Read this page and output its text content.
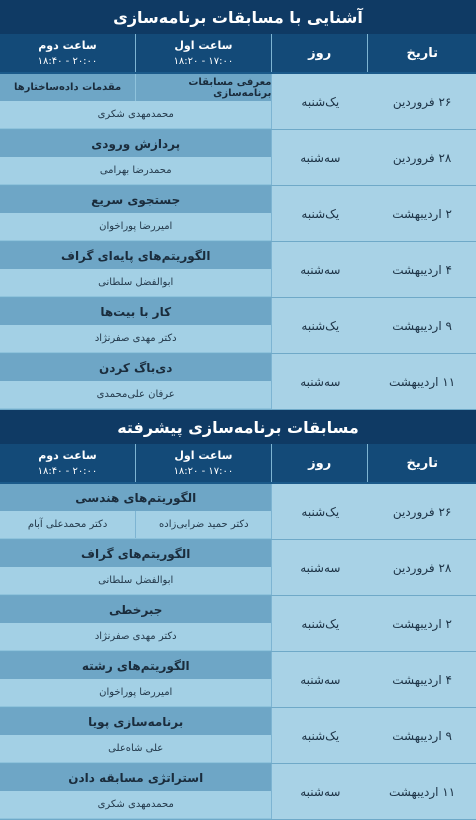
آشنایی با مسابقات برنامه‌سازی
ساعت دوم
۱۸:۴۰ - ۲۰:۰۰
ساعت اول
۱۸:۲۰ - ۱۷:۰۰
روز	تاریخ
معرفی مسابقات برنامه‌سازی
مقدمات داده‌ساختارها
محمدمهدی شکری
یک‌شنبه	۲۶ فروردین
پردازش ورودی
محمدرضا بهرامی
سه‌شنبه	۲۸ فروردین
جستجوی سریع
امیررضا پوراخوان
یک‌شنبه	۲ اردیبهشت
الگوریتم‌های پایه‌ای گراف
ابوالفضل سلطانی
سه‌شنبه	۴ اردیبهشت
کار با بیت‌ها
دکتر مهدی صفرنژاد
یک‌شنبه	۹ اردیبهشت
دی‌باگ کردن
عرفان علی‌محمدی
سه‌شنبه	۱۱ اردیبهشت
مسابقات برنامه‌سازی پیشرفته
ساعت دوم
۱۸:۴۰ - ۲۰:۰۰
ساعت اول
۱۸:۲۰ - ۱۷:۰۰
روز	تاریخ
الگوریتم‌های هندسی
دکتر حمید ضرابی‌زاده
دکتر محمدعلی آبام
یک‌شنبه	۲۶ فروردین
الگوریتم‌های گراف
ابوالفضل سلطانی
سه‌شنبه	۲۸ فروردین
جبرخطی
دکتر مهدی صفرنژاد
یک‌شنبه	۲ اردیبهشت
الگوریتم‌های رشته
امیررضا پوراخوان
سه‌شنبه	۴ اردیبهشت
برنامه‌سازی پویا
علی شاه‌علی
یک‌شنبه	۹ اردیبهشت
استراتژی مسابقه دادن
محمدمهدی شکری
سه‌شنبه	۱۱ اردیبهشت
